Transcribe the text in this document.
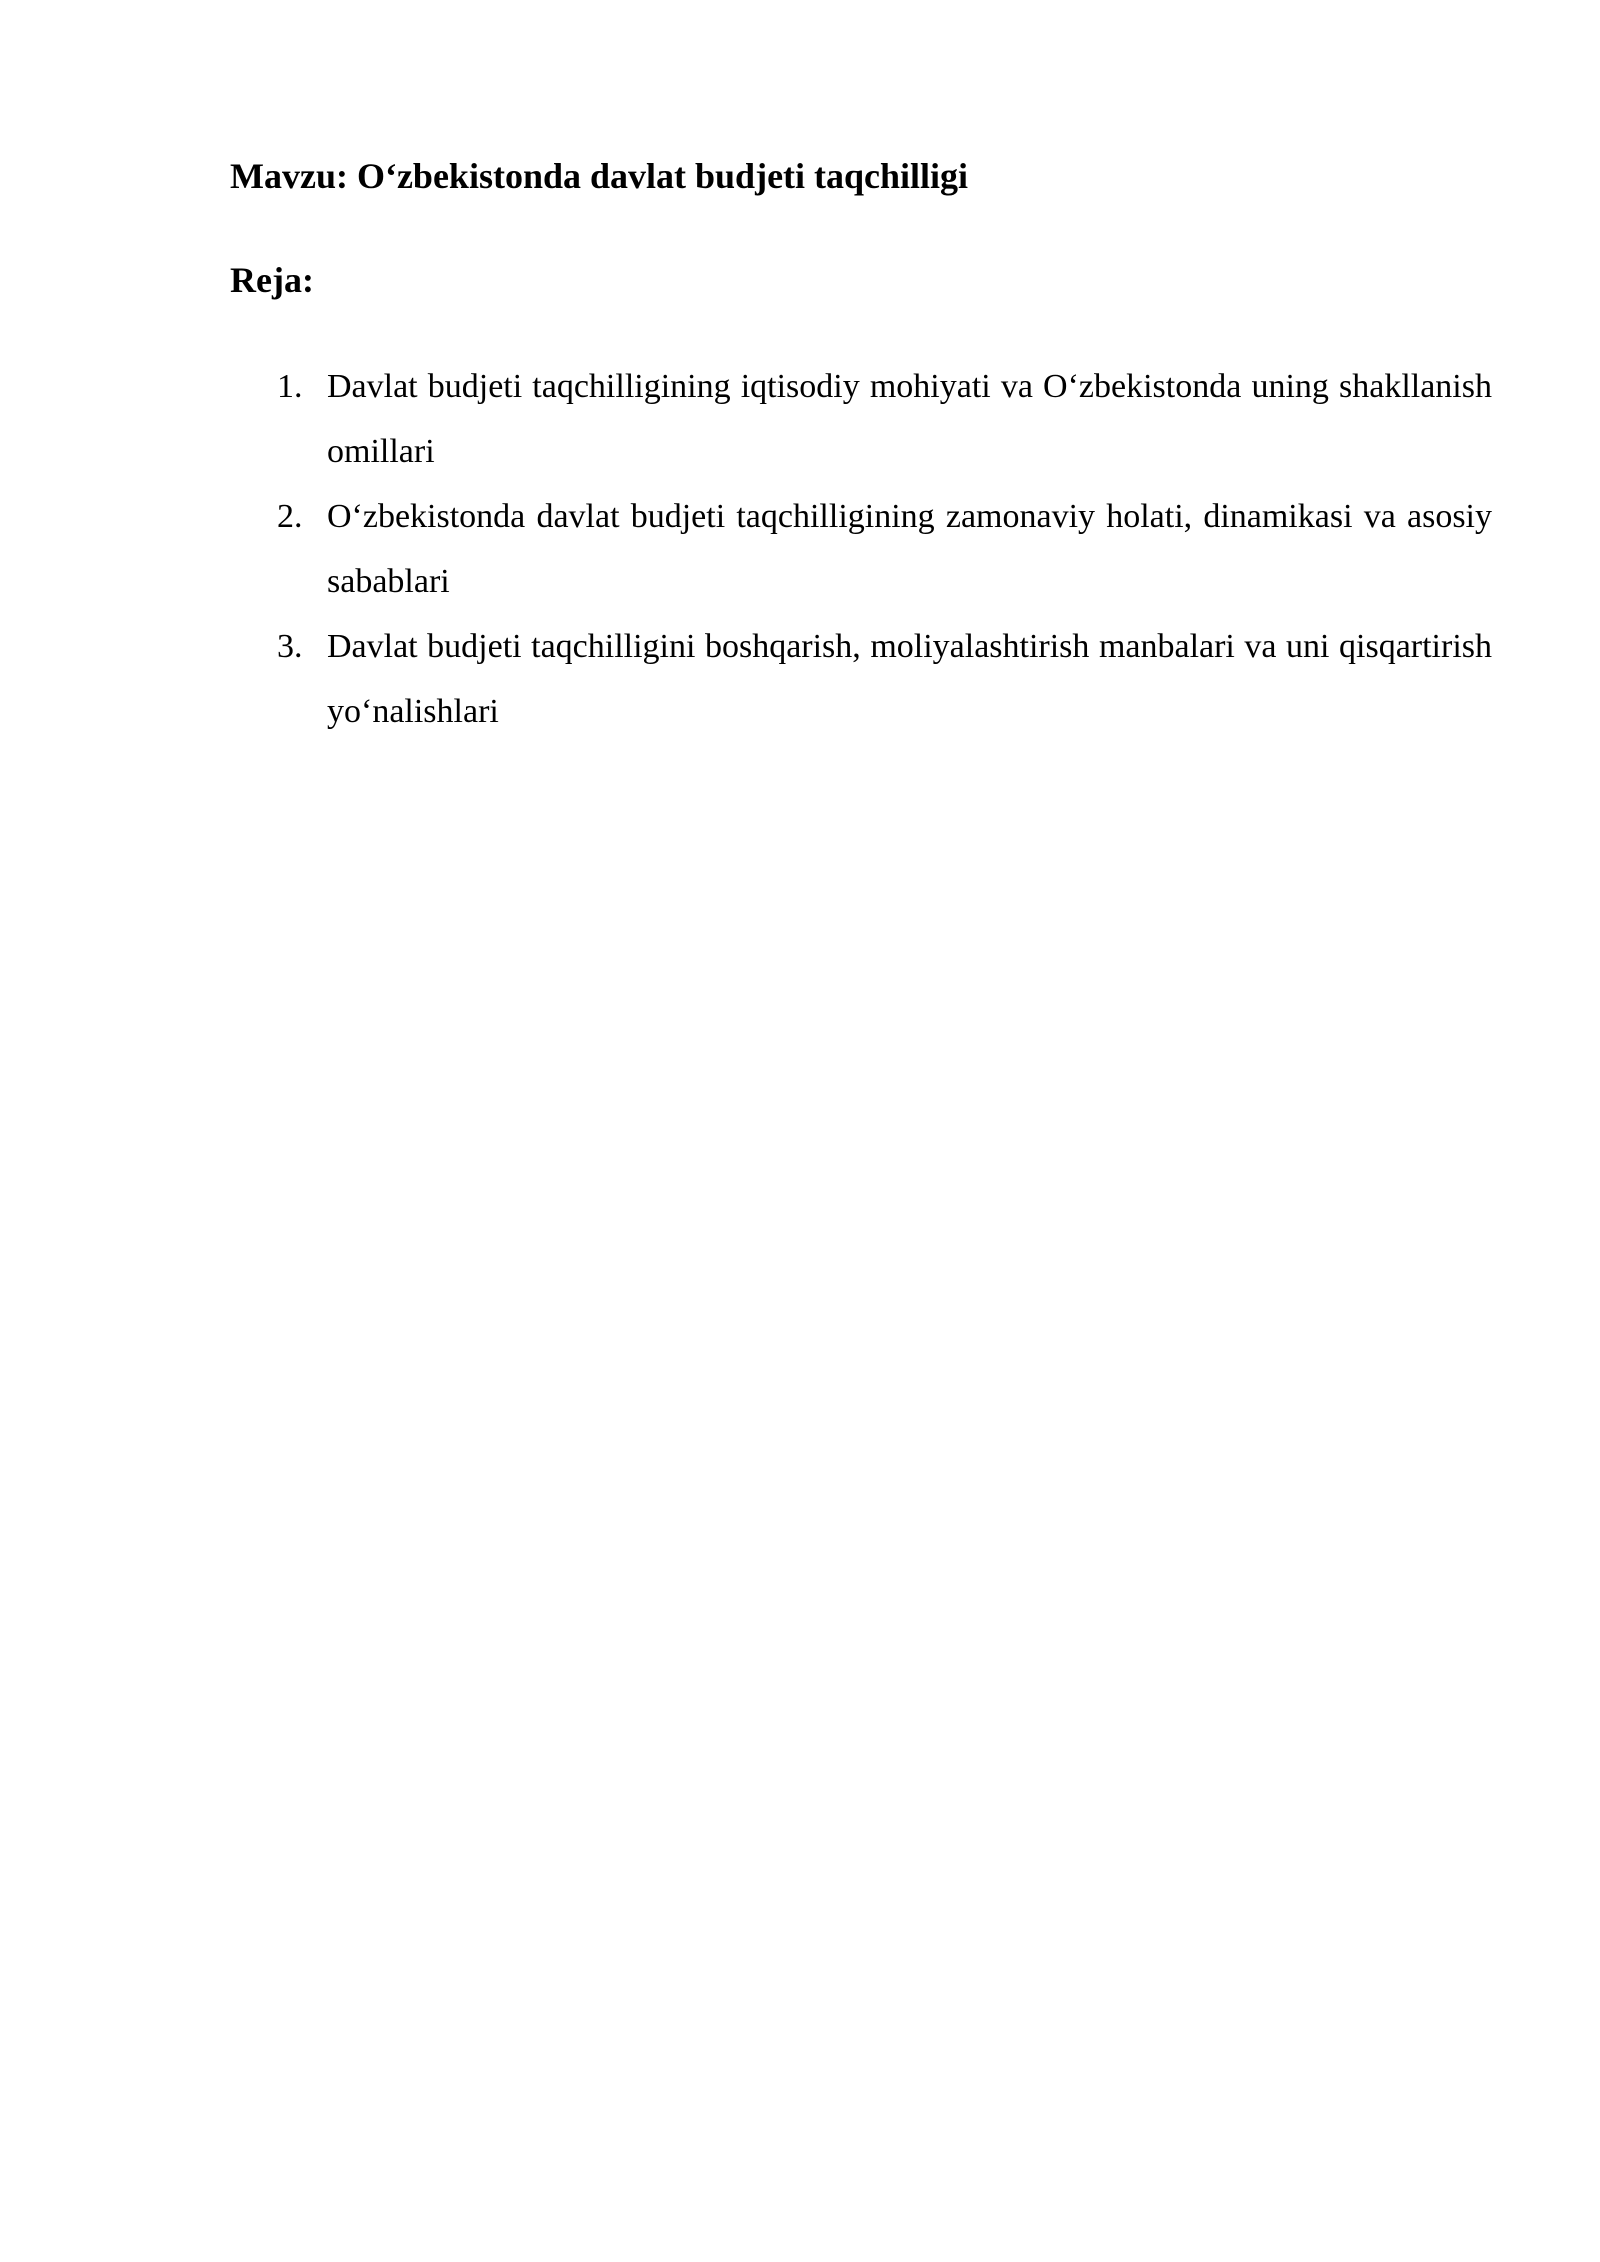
Mavzu: O‘zbekistonda davlat budjeti taqchilligi
Reja:
1. Davlat budjeti taqchilligining iqtisodiy mohiyati va O‘zbekistonda uning shakllanish omillari
2. O‘zbekistonda davlat budjeti taqchilligining zamonaviy holati, dinamikasi va asosiy sabablari
3. Davlat budjeti taqchilligini boshqarish, moliyalashtirish manbalari va uni qisqartirish yo‘nalishlari
